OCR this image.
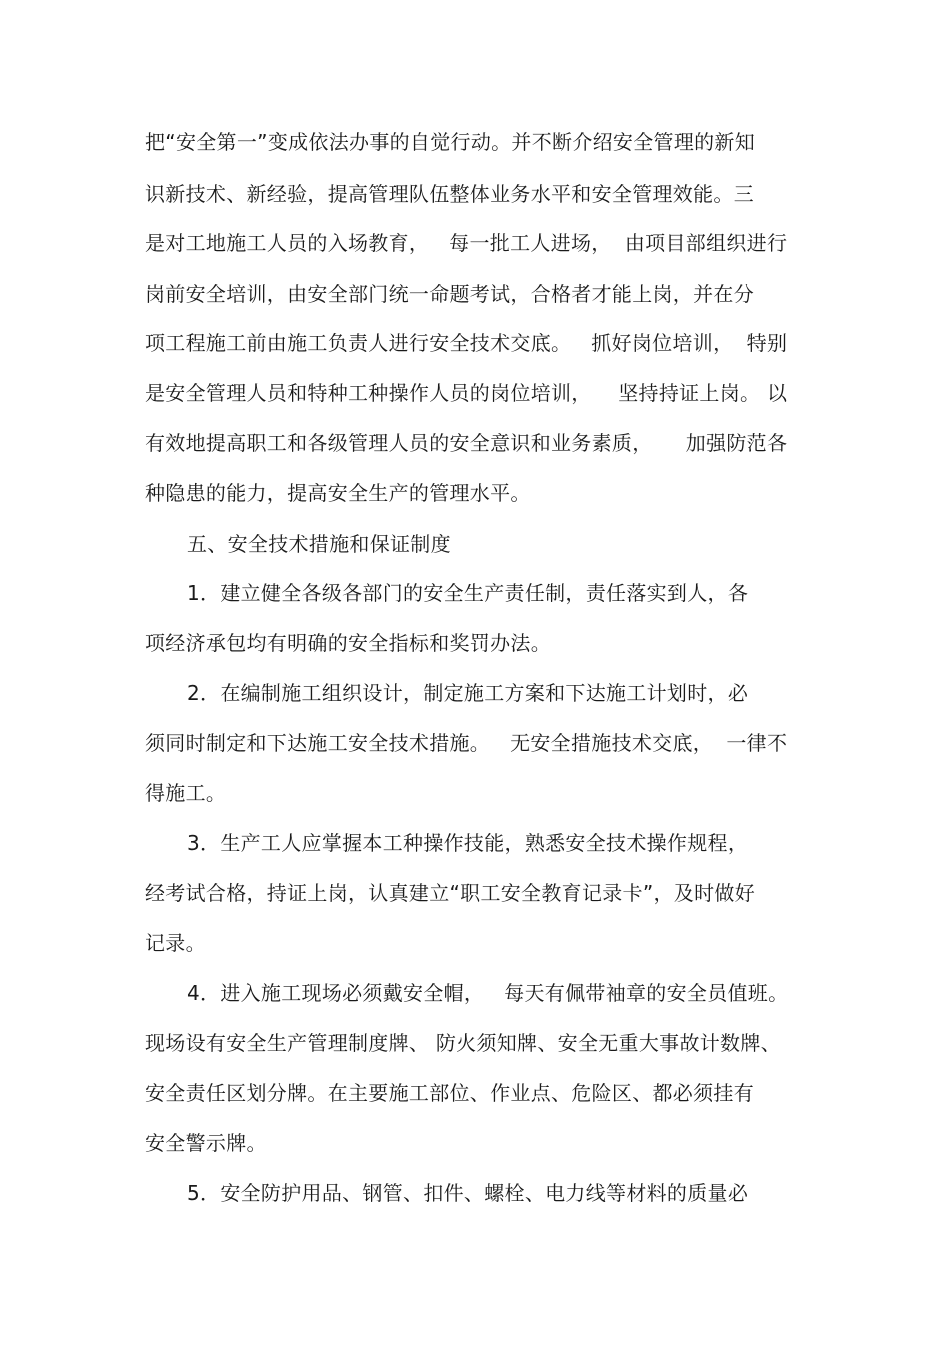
把“安全第一”变成依法办事的自觉行动。并不断介绍安全管理的新知
识新技术、新经验，提高管理队伍整体业务水平和安全管理效能。三
是对工地施工人员的入场教育，   每一批工人进场，  由项目部组织进行
岗前安全培训，由安全部门统一命题考试，合格者才能上岗，并在分
项工程施工前由施工负责人进行安全技术交底。   抓好岗位培训，  特别
是安全管理人员和特种工种操作人员的岗位培训，    坚持持证上岗。 以
有效地提高职工和各级管理人员的安全意识和业务素质，     加强防范各
种隐患的能力，提高安全生产的管理水平。
五、安全技术措施和保证制度
1．建立健全各级各部门的安全生产责任制，责任落实到人，各
项经济承包均有明确的安全指标和奖罚办法。
2．在编制施工组织设计，制定施工方案和下达施工计划时，必
须同时制定和下达施工安全技术措施。   无安全措施技术交底，  一律不
得施工。
3．生产工人应掌握本工种操作技能，熟悉安全技术操作规程，
经考试合格，持证上岗，认真建立“职工安全教育记录卡”，及时做好
记录。
4．进入施工现场必须戴安全帽，   每天有佩带袖章的安全员值班。
现场设有安全生产管理制度牌、 防火须知牌、安全无重大事故计数牌、
安全责任区划分牌。在主要施工部位、作业点、危险区、都必须挂有
安全警示牌。
5．安全防护用品、钢管、扣件、螺栓、电力线等材料的质量必
